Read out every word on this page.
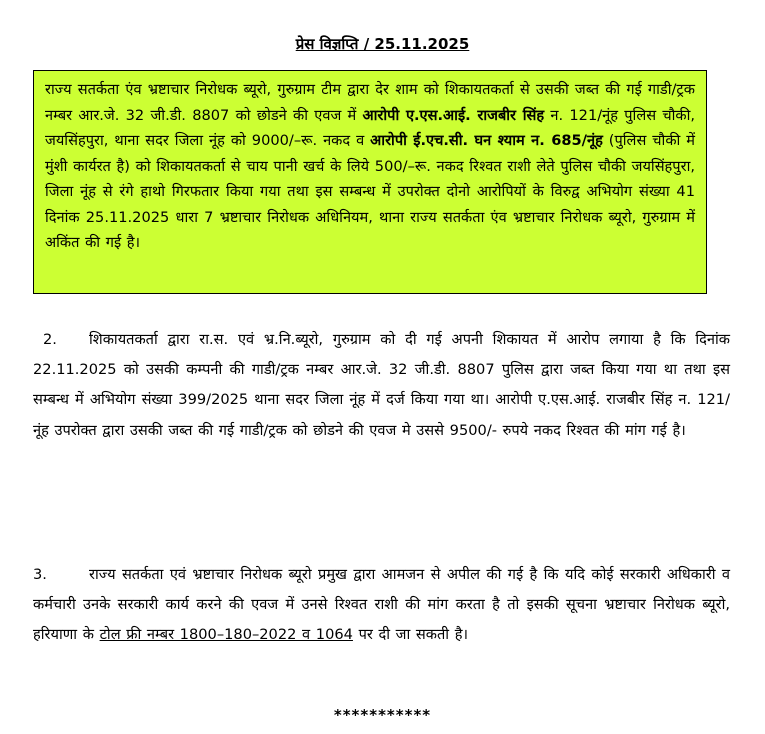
प्रेस विज्ञप्ति / 25.11.2025
राज्य सतर्कता एंव भ्रष्टाचार निरोधक ब्यूरो, गुरुग्राम टीम द्वारा देर शाम को शिकायतकर्ता से उसकी जब्त की गई गाडी/ट्रक नम्बर आर.जे. 32 जी.डी. 8807 को छोडने की एवज में आरोपी ए.एस.आई. राजबीर सिंह न. 121/नूंह पुलिस चौकी, जयसिंहपुरा, थाना सदर जिला नूंह को 9000/–रू. नकद व आरोपी ई.एच.सी. घन श्याम न. 685/नूंह (पुलिस चौकी में मुंशी कार्यरत है) को शिकायतकर्ता से चाय पानी खर्च के लिये 500/–रू. नकद रिश्वत राशी लेते पुलिस चौकी जयसिंहपुरा, जिला नूंह से रंगे हाथो गिरफतार किया गया तथा इस सम्बन्ध में उपरोक्त दोनो आरोपियों के विरुद्व अभियोग संख्या 41 दिनांक 25.11.2025 धारा 7 भ्रष्टाचार निरोधक अधिनियम, थाना राज्य सतर्कता एंव भ्रष्टाचार निरोधक ब्यूरो, गुरुग्राम में अकिंत की गई है।
2. शिकायतकर्ता द्वारा रा.स. एवं भ्र.नि.ब्यूरो, गुरुग्राम को दी गई अपनी शिकायत में आरोप लगाया है कि दिनांक 22.11.2025 को उसकी कम्पनी की गाडी/ट्रक नम्बर आर.जे. 32 जी.डी. 8807 पुलिस द्वारा जब्त किया गया था तथा इस सम्बन्ध में अभियोग संख्या 399/2025 थाना सदर जिला नूंह में दर्ज किया गया था। आरोपी ए.एस.आई. राजबीर सिंह न. 121/नूंह उपरोक्त द्वारा उसकी जब्त की गई गाडी/ट्रक को छोडने की एवज मे उससे 9500/- रुपये नकद रिश्वत की मांग गई है।
3.	राज्य सतर्कता एवं भ्रष्टाचार निरोधक ब्यूरो प्रमुख द्वारा आमजन से अपील की गई है कि यदि कोई सरकारी अधिकारी व कर्मचारी उनके सरकारी कार्य करने की एवज में उनसे रिश्वत राशी की मांग करता है तो इसकी सूचना भ्रष्टाचार निरोधक ब्यूरो, हरियाणा के टोल फ्री नम्बर 1800–180–2022 व 1064 पर दी जा सकती है।
***********
